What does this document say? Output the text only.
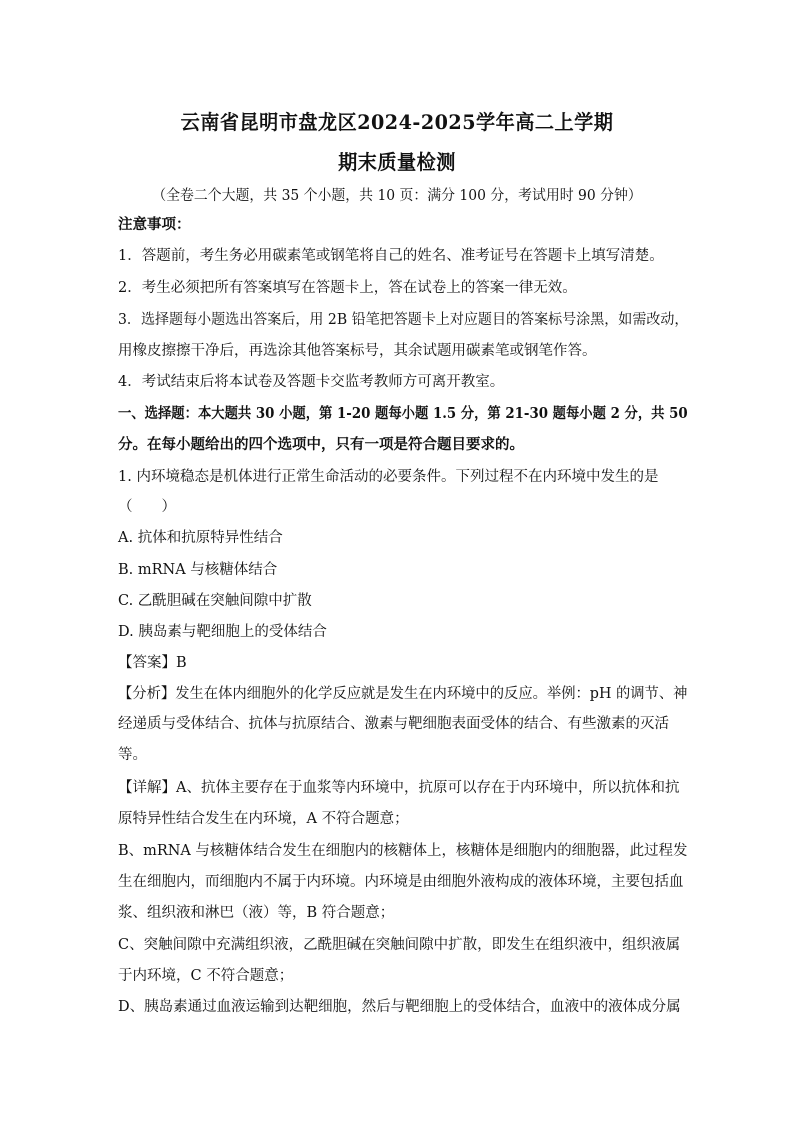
云南省昆明市盘龙区2024-2025学年高二上学期
期末质量检测
（全卷二个大题，共 35 个小题，共 10 页：满分 100 分，考试用时 90 分钟）
注意事项：
1．答题前，考生务必用碳素笔或钢笔将自己的姓名、准考证号在答题卡上填写清楚。
2．考生必须把所有答案填写在答题卡上，答在试卷上的答案一律无效。
3．选择题每小题选出答案后，用 2B 铅笔把答题卡上对应题目的答案标号涂黑，如需改动，
用橡皮擦擦干净后，再选涂其他答案标号，其余试题用碳素笔或钢笔作答。
4．考试结束后将本试卷及答题卡交监考教师方可离开教室。
一、选择题：本大题共 30 小题，第 1-20 题每小题 1.5 分，第 21-30 题每小题 2 分，共 50
分。在每小题给出的四个选项中，只有一项是符合题目要求的。
1. 内环境稳态是机体进行正常生命活动的必要条件。下列过程不在内环境中发生的是
（　　）
A. 抗体和抗原特异性结合
B. mRNA 与核糖体结合
C. 乙酰胆碱在突触间隙中扩散
D. 胰岛素与靶细胞上的受体结合
【答案】B
【分析】发生在体内细胞外的化学反应就是发生在内环境中的反应。举例：pH 的调节、神
经递质与受体结合、抗体与抗原结合、激素与靶细胞表面受体的结合、有些激素的灭活
等。
【详解】A、抗体主要存在于血浆等内环境中，抗原可以存在于内环境中，所以抗体和抗
原特异性结合发生在内环境，A 不符合题意；
B、mRNA 与核糖体结合发生在细胞内的核糖体上，核糖体是细胞内的细胞器，此过程发
生在细胞内，而细胞内不属于内环境。内环境是由细胞外液构成的液体环境，主要包括血
浆、组织液和淋巴（液）等，B 符合题意；
C、突触间隙中充满组织液，乙酰胆碱在突触间隙中扩散，即发生在组织液中，组织液属
于内环境，C 不符合题意；
D、胰岛素通过血液运输到达靶细胞，然后与靶细胞上的受体结合，血液中的液体成分属
